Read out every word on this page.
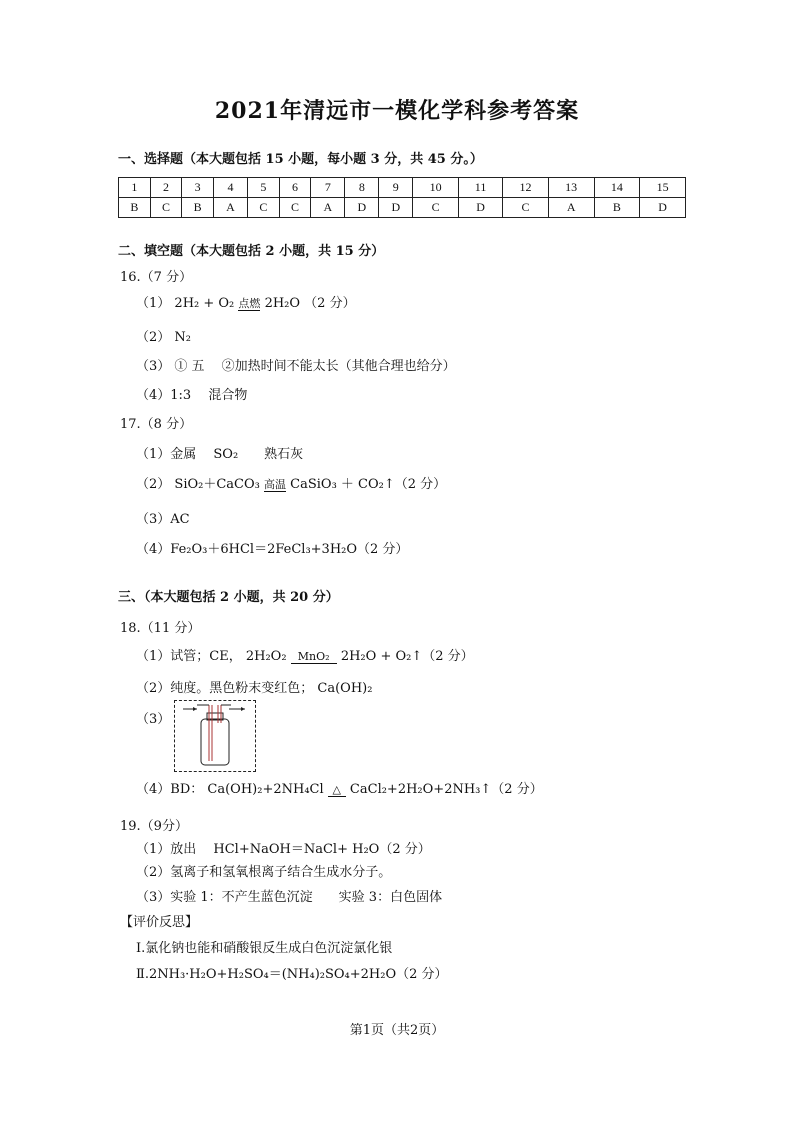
2021年清远市一模化学科参考答案
一、选择题（本大题包括 15 小题，每小题 3 分，共 45 分。）
1	2	3	4	5	6	7	8	9	10	11	12	13	14	15
B	C	B	A	C	C	A	D	D	C	D	C	A	B	D
二、填空题（本大题包括 2 小题，共 15 分）
16.（7 分）
（1） 2H₂ + O₂ 点燃 2H₂O （2 分）
（2） N₂
（3） ① 五　 ②加热时间不能太长（其他合理也给分）
（4）1:3　 混合物
17.（8 分）
（1）金属　 SO₂　　熟石灰
（2） SiO₂＋CaCO₃ 高温 CaSiO₃ ＋ CO₂↑（2 分）
（3）AC
（4）Fe₂O₃＋6HCl＝2FeCl₃+3H₂O（2 分）
三、（本大题包括 2 小题，共 20 分）
18.（11 分）
（1）试管；CE， 2H₂O₂	MnO₂ 2H₂O + O₂↑（2 分）
（2）纯度。黑色粉末变红色； Ca(OH)₂
（3）
（4）BD： Ca(OH)₂+2NH₄Cl △ CaCl₂+2H₂O+2NH₃↑（2 分）
19.（9分）
（1）放出　 HCl+NaOH＝NaCl+ H₂O（2 分）
（2）氢离子和氢氧根离子结合生成水分子。
（3）实验 1：不产生蓝色沉淀　　实验 3：白色固体
【评价反思】
Ⅰ.氯化钠也能和硝酸银反生成白色沉淀氯化银
Ⅱ.2NH₃·H₂O+H₂SO₄＝(NH₄)₂SO₄+2H₂O（2 分）
第1页（共2页）
